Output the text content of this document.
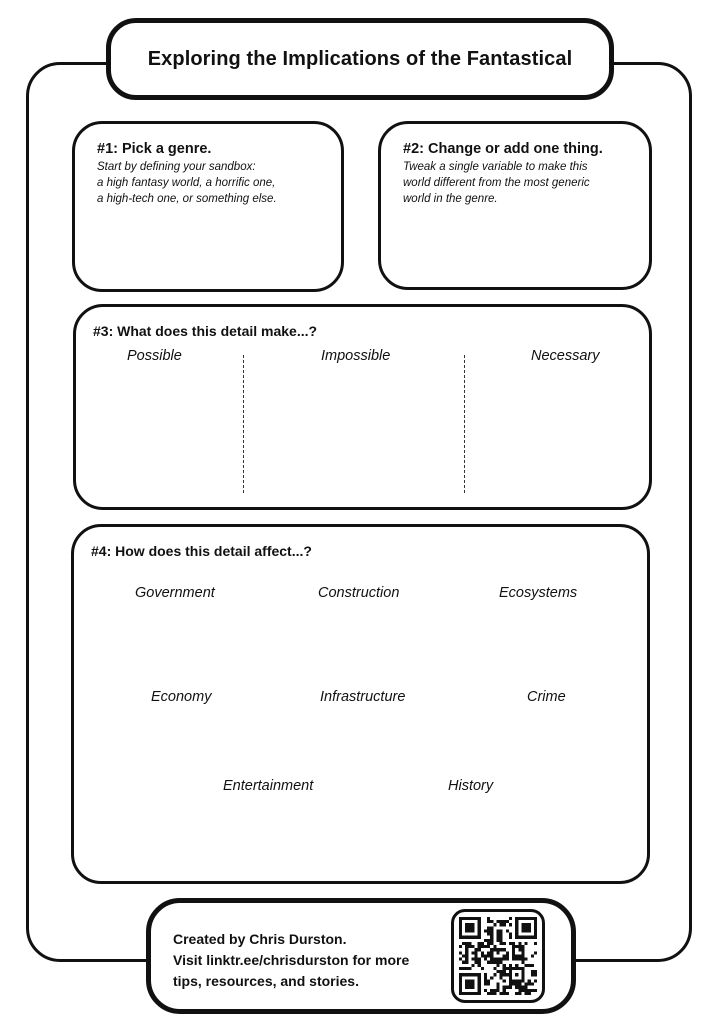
Exploring the Implications of the Fantastical
#1: Pick a genre.

Start by defining your sandbox:
a high fantasy world, a horrific one,
a high-tech one, or something else.

#2: Change or add one thing.

Tweak a single variable to make this
world different from the most generic
world in the genre.

#3: What does this detail make...?
Possible	Impossible	Necessary
#4: How does this detail affect...?
Government	Construction	Ecosystems
Economy	Infrastructure	Crime
Entertainment	History
Created by Chris Durston.
Visit linktr.ee/chrisdurston for more
tips, resources, and stories.
